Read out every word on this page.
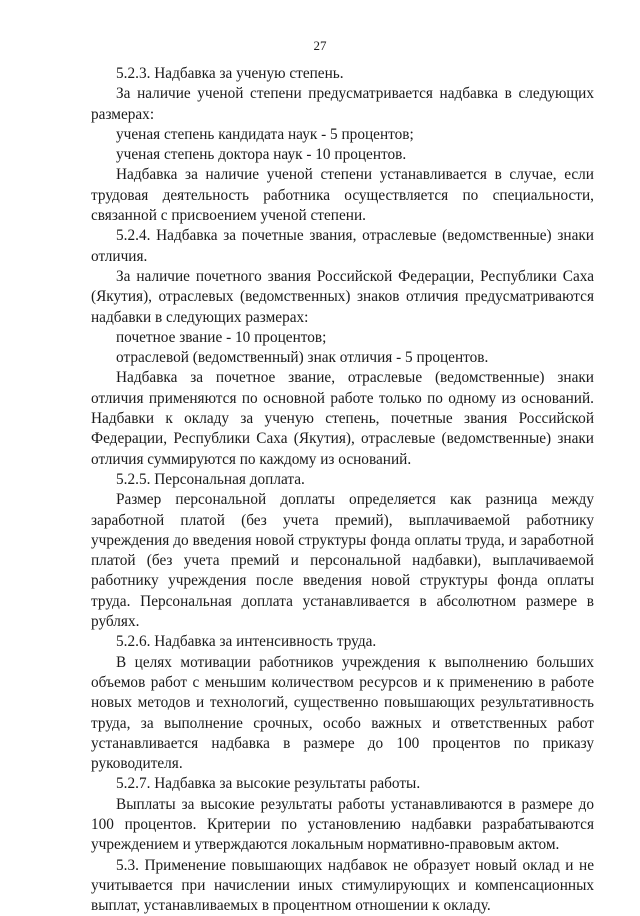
27

5.2.3. Надбавка за ученую степень.

За наличие ученой степени предусматривается надбавка в следующих размерах:

ученая степень кандидата наук - 5 процентов;

ученая степень доктора наук - 10 процентов.

Надбавка за наличие ученой степени устанавливается в случае, если трудовая деятельность работника осуществляется по специальности, связанной с присвоением ученой степени.

5.2.4. Надбавка за почетные звания, отраслевые (ведомственные) знаки отличия.

За наличие почетного звания Российской Федерации, Республики Саха (Якутия), отраслевых (ведомственных) знаков отличия предусматриваются надбавки в следующих размерах:

почетное звание - 10 процентов;

отраслевой (ведомственный) знак отличия - 5 процентов.

Надбавка за почетное звание, отраслевые (ведомственные) знаки отличия применяются по основной работе только по одному из оснований. Надбавки к окладу за ученую степень, почетные звания Российской Федерации, Республики Саха (Якутия), отраслевые (ведомственные) знаки отличия суммируются по каждому из оснований.

5.2.5. Персональная доплата.

Размер персональной доплаты определяется как разница между заработной платой (без учета премий), выплачиваемой работнику учреждения до введения новой структуры фонда оплаты труда, и заработной платой (без учета премий и персональной надбавки), выплачиваемой работнику учреждения после введения новой структуры фонда оплаты труда. Персональная доплата устанавливается в абсолютном размере в рублях.

5.2.6. Надбавка за интенсивность труда.

В целях мотивации работников учреждения к выполнению больших объемов работ с меньшим количеством ресурсов и к применению в работе новых методов и технологий, существенно повышающих результативность труда, за выполнение срочных, особо важных и ответственных работ устанавливается надбавка в размере до 100 процентов по приказу руководителя.

5.2.7. Надбавка за высокие результаты работы.

Выплаты за высокие результаты работы устанавливаются в размере до 100 процентов. Критерии по установлению надбавки разрабатываются учреждением и утверждаются локальным нормативно-правовым актом.

5.3. Применение повышающих надбавок не образует новый оклад и не учитывается при начислении иных стимулирующих и компенсационных выплат, устанавливаемых в процентном отношении к окладу.
